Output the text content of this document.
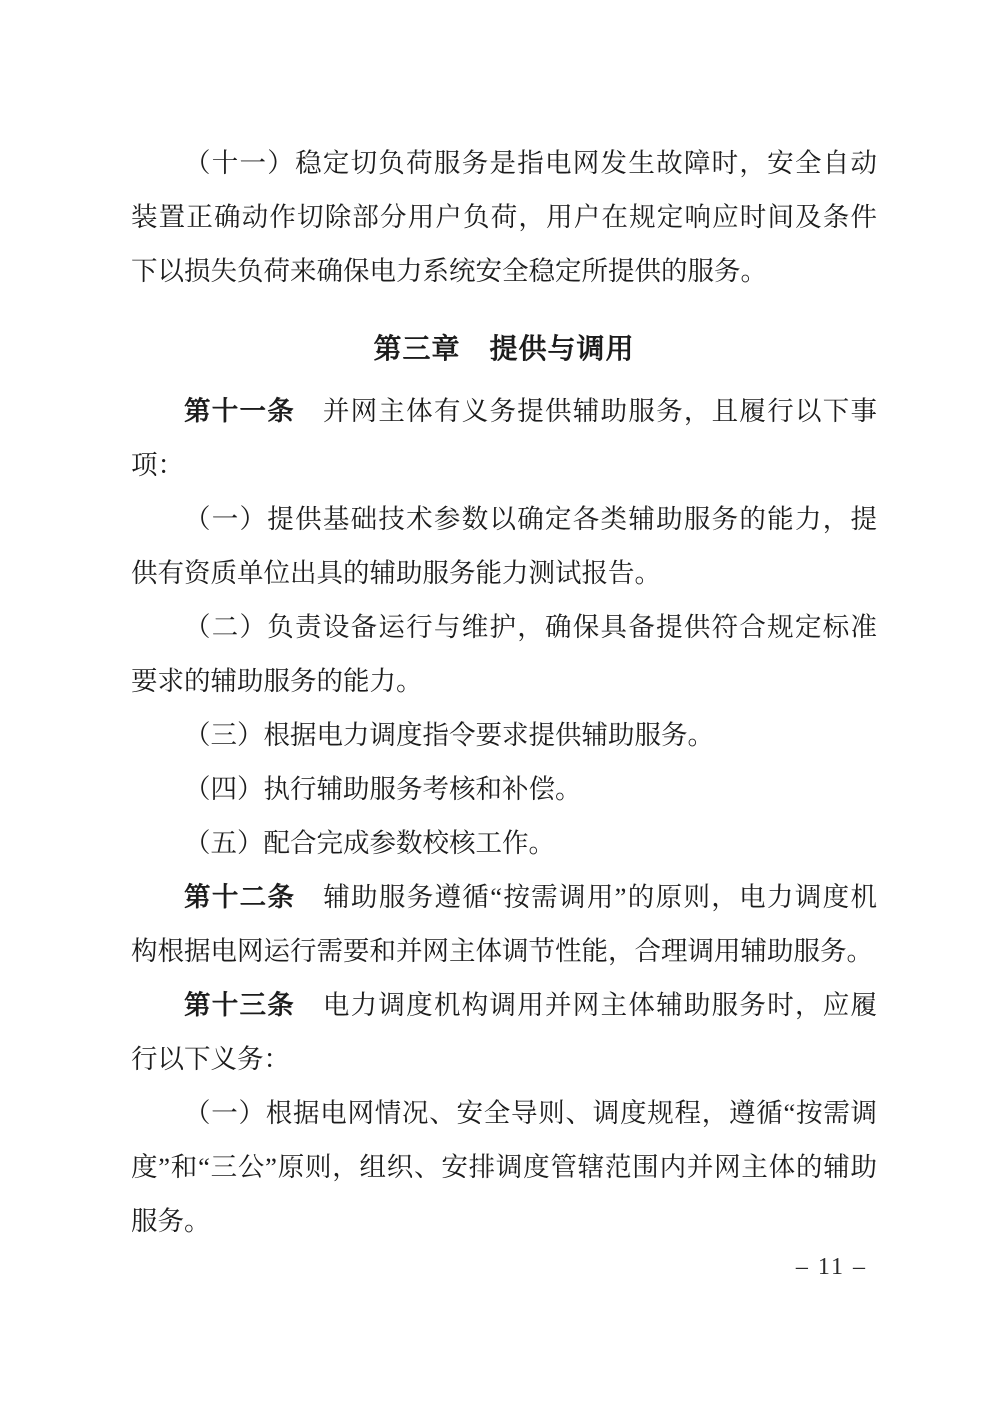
（十一）稳定切负荷服务是指电网发生故障时，安全自动
装置正确动作切除部分用户负荷，用户在规定响应时间及条件
下以损失负荷来确保电力系统安全稳定所提供的服务。
第三章　提供与调用
第十一条　并网主体有义务提供辅助服务，且履行以下事
项：
（一）提供基础技术参数以确定各类辅助服务的能力，提
供有资质单位出具的辅助服务能力测试报告。
（二）负责设备运行与维护，确保具备提供符合规定标准
要求的辅助服务的能力。
（三）根据电力调度指令要求提供辅助服务。
（四）执行辅助服务考核和补偿。
（五）配合完成参数校核工作。
第十二条　辅助服务遵循“按需调用”的原则，电力调度机
构根据电网运行需要和并网主体调节性能，合理调用辅助服务。
第十三条　电力调度机构调用并网主体辅助服务时，应履
行以下义务：
（一）根据电网情况、安全导则、调度规程，遵循“按需调
度”和“三公”原则，组织、安排调度管辖范围内并网主体的辅助
服务。
– 11 –
